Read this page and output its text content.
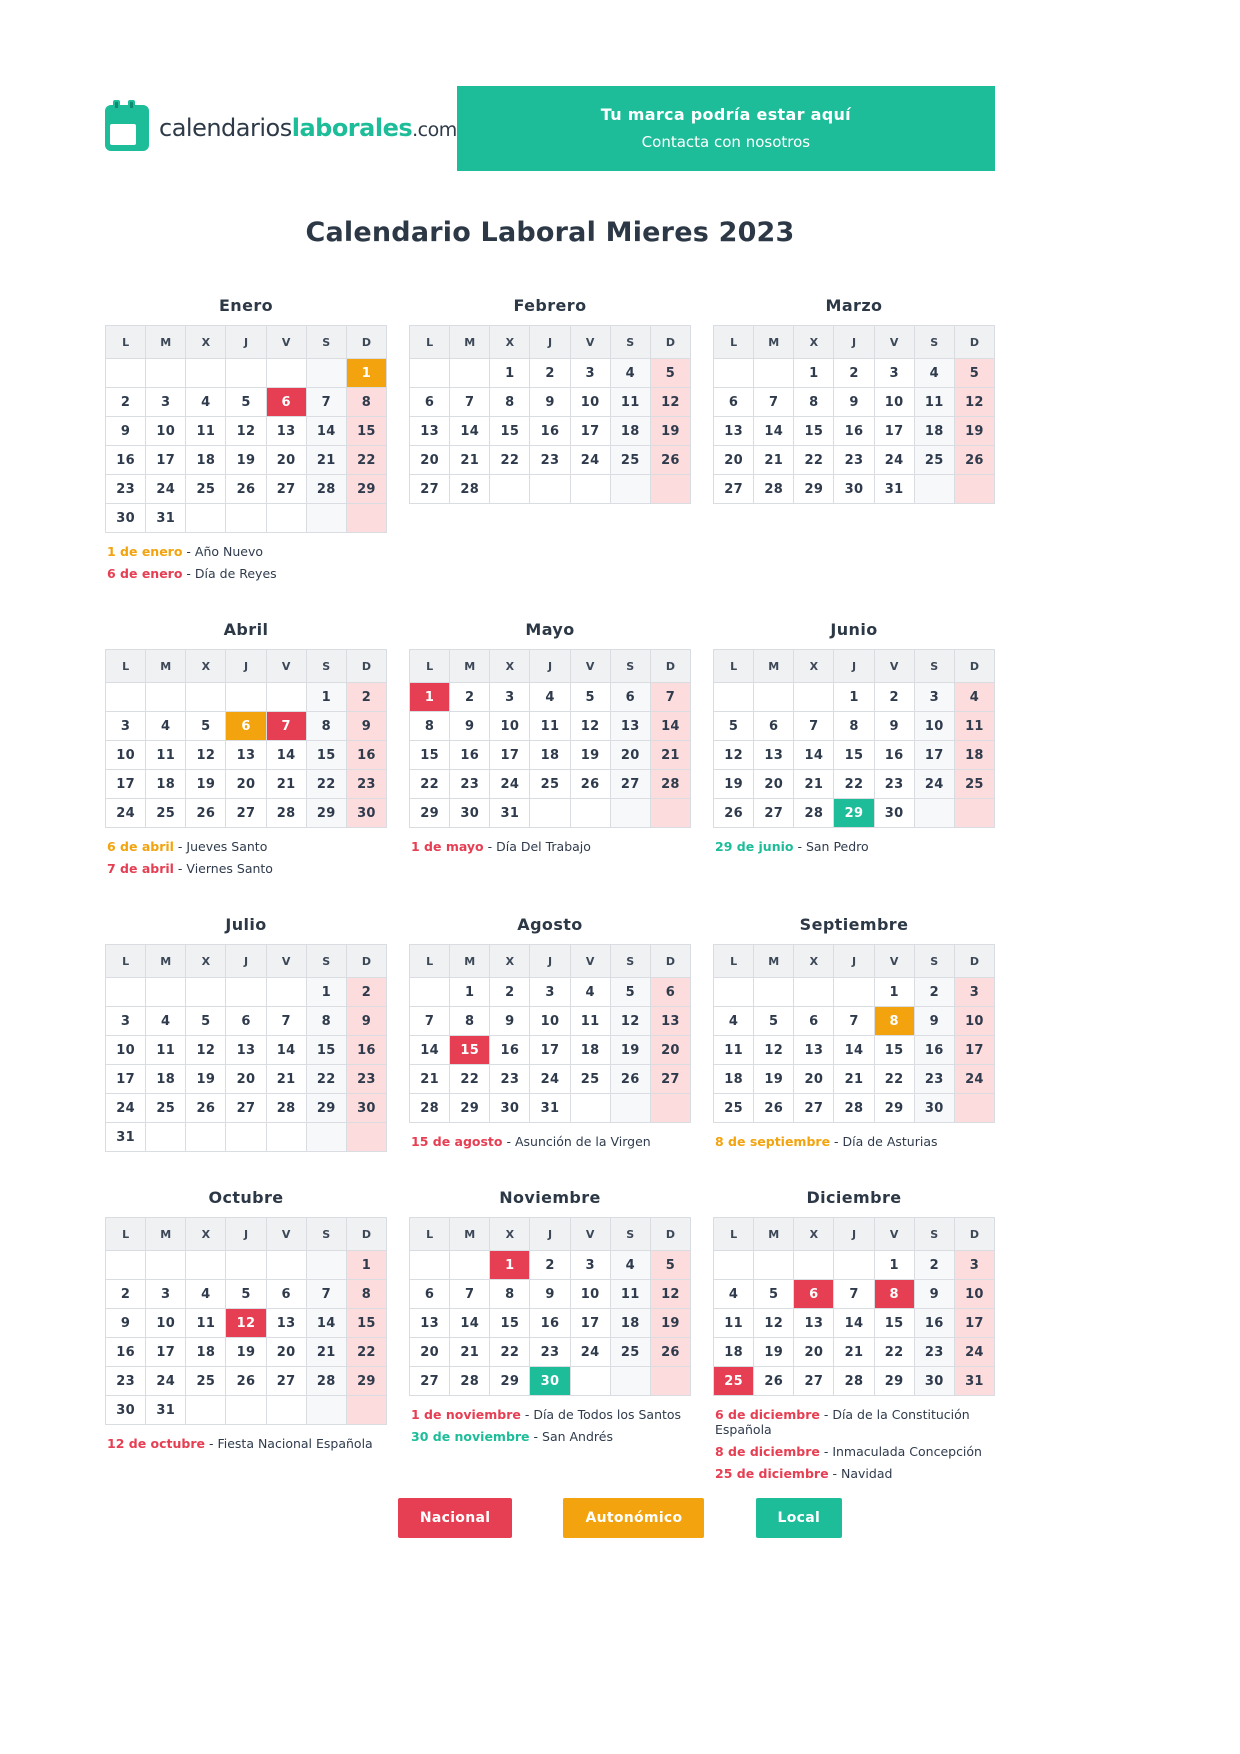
calendarioslaborales.com
Tu marca podría estar aquí
Contacta con nosotros
Calendario Laboral Mieres 2023
Enero
L	M	X	J	V	S	D
						1
2	3	4	5	6	7	8
9	10	11	12	13	14	15
16	17	18	19	20	21	22
23	24	25	26	27	28	29
30	31					
1 de enero - Año Nuevo
6 de enero - Día de Reyes
Febrero
L	M	X	J	V	S	D
		1	2	3	4	5
6	7	8	9	10	11	12
13	14	15	16	17	18	19
20	21	22	23	24	25	26
27	28					
Marzo
L	M	X	J	V	S	D
		1	2	3	4	5
6	7	8	9	10	11	12
13	14	15	16	17	18	19
20	21	22	23	24	25	26
27	28	29	30	31		
Abril
L	M	X	J	V	S	D
					1	2
3	4	5	6	7	8	9
10	11	12	13	14	15	16
17	18	19	20	21	22	23
24	25	26	27	28	29	30
6 de abril - Jueves Santo
7 de abril - Viernes Santo
Mayo
L	M	X	J	V	S	D
1	2	3	4	5	6	7
8	9	10	11	12	13	14
15	16	17	18	19	20	21
22	23	24	25	26	27	28
29	30	31				
1 de mayo - Día Del Trabajo
Junio
L	M	X	J	V	S	D
			1	2	3	4
5	6	7	8	9	10	11
12	13	14	15	16	17	18
19	20	21	22	23	24	25
26	27	28	29	30		
29 de junio - San Pedro
Julio
L	M	X	J	V	S	D
					1	2
3	4	5	6	7	8	9
10	11	12	13	14	15	16
17	18	19	20	21	22	23
24	25	26	27	28	29	30
31						
Agosto
L	M	X	J	V	S	D
	1	2	3	4	5	6
7	8	9	10	11	12	13
14	15	16	17	18	19	20
21	22	23	24	25	26	27
28	29	30	31			
15 de agosto - Asunción de la Virgen
Septiembre
L	M	X	J	V	S	D
				1	2	3
4	5	6	7	8	9	10
11	12	13	14	15	16	17
18	19	20	21	22	23	24
25	26	27	28	29	30	
8 de septiembre - Día de Asturias
Octubre
L	M	X	J	V	S	D
						1
2	3	4	5	6	7	8
9	10	11	12	13	14	15
16	17	18	19	20	21	22
23	24	25	26	27	28	29
30	31					
12 de octubre - Fiesta Nacional Española
Noviembre
L	M	X	J	V	S	D
		1	2	3	4	5
6	7	8	9	10	11	12
13	14	15	16	17	18	19
20	21	22	23	24	25	26
27	28	29	30			
1 de noviembre - Día de Todos los Santos
30 de noviembre - San Andrés
Diciembre
L	M	X	J	V	S	D
				1	2	3
4	5	6	7	8	9	10
11	12	13	14	15	16	17
18	19	20	21	22	23	24
25	26	27	28	29	30	31
6 de diciembre - Día de la Constitución Española
8 de diciembre - Inmaculada Concepción
25 de diciembre - Navidad
Nacional	Autonómico	Local
